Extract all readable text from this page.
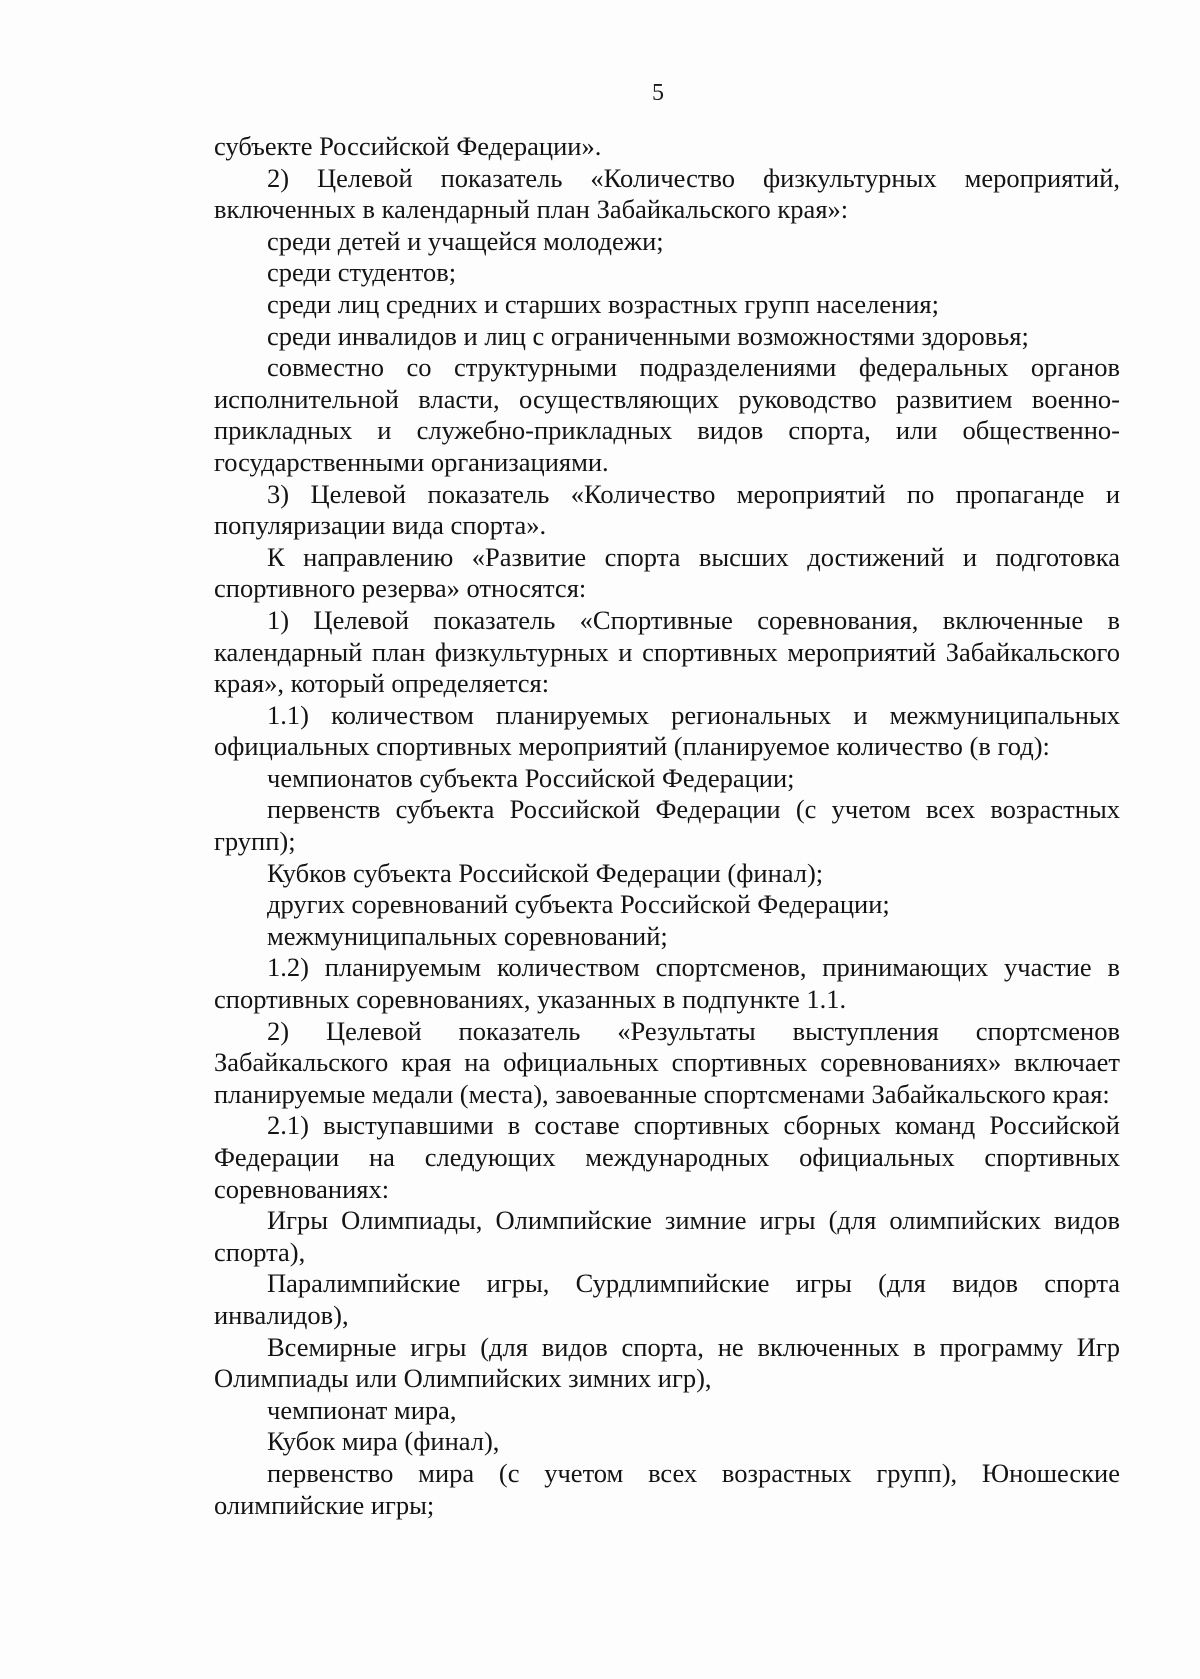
5

субъекте Российской Федерации».

2) Целевой показатель «Количество физкультурных мероприятий, включенных в календарный план Забайкальского края»:

среди детей и учащейся молодежи;

среди студентов;

среди лиц средних и старших возрастных групп населения;

среди инвалидов и лиц с ограниченными возможностями здоровья;

совместно со структурными подразделениями федеральных органов исполнительной власти, осуществляющих руководство развитием военно-прикладных и служебно-прикладных видов спорта, или общественно-государственными организациями.

3) Целевой показатель «Количество мероприятий по пропаганде и популяризации вида спорта».

К направлению «Развитие спорта высших достижений и подготовка спортивного резерва» относятся:

1) Целевой показатель «Спортивные соревнования, включенные в календарный план физкультурных и спортивных мероприятий Забайкальского края», который определяется:

1.1) количеством планируемых региональных и межмуниципальных официальных спортивных мероприятий (планируемое количество (в год):

чемпионатов субъекта Российской Федерации;

первенств субъекта Российской Федерации (с учетом всех возрастных групп);

Кубков субъекта Российской Федерации (финал);

других соревнований субъекта Российской Федерации;

межмуниципальных соревнований;

1.2) планируемым количеством спортсменов, принимающих участие в спортивных соревнованиях, указанных в подпункте 1.1.

2) Целевой показатель «Результаты выступления спортсменов Забайкальского края на официальных спортивных соревнованиях» включает планируемые медали (места), завоеванные спортсменами Забайкальского края:

2.1) выступавшими в составе спортивных сборных команд Российской Федерации на следующих международных официальных спортивных соревнованиях:

Игры Олимпиады, Олимпийские зимние игры (для олимпийских видов спорта),

Паралимпийские игры, Сурдлимпийские игры (для видов спорта инвалидов),

Всемирные игры (для видов спорта, не включенных в программу Игр Олимпиады или Олимпийских зимних игр),

чемпионат мира,

Кубок мира (финал),

первенство мира (с учетом всех возрастных групп), Юношеские олимпийские игры;
